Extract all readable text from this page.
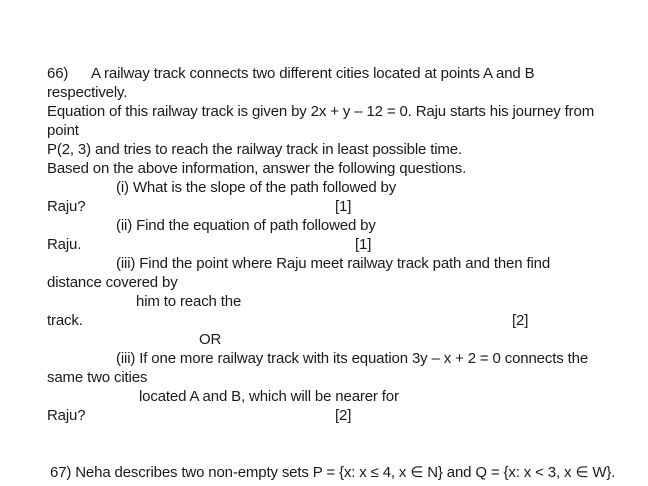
66) A railway track connects two different cities located at points A and B
respectively.
Equation of this railway track is given by 2x + y – 12 = 0. Raju starts his journey from
point
P(2, 3) and tries to reach the railway track in least possible time.
Based on the above information, answer the following questions.
(i) What is the slope of the path followed by
Raju?	[1]
(ii) Find the equation of path followed by
Raju.	[1]
(iii) Find the point where Raju meet railway track path and then find
distance covered by
him to reach the
track.	[2]
OR
(iii) If one more railway track with its equation 3y – x + 2 = 0 connects the
same two cities
located A and B, which will be nearer for
Raju?	[2]
67) Neha describes two non-empty sets P = {x: x ≤ 4, x ∈ N} and Q = {x: x < 3, x ∈ W}.
